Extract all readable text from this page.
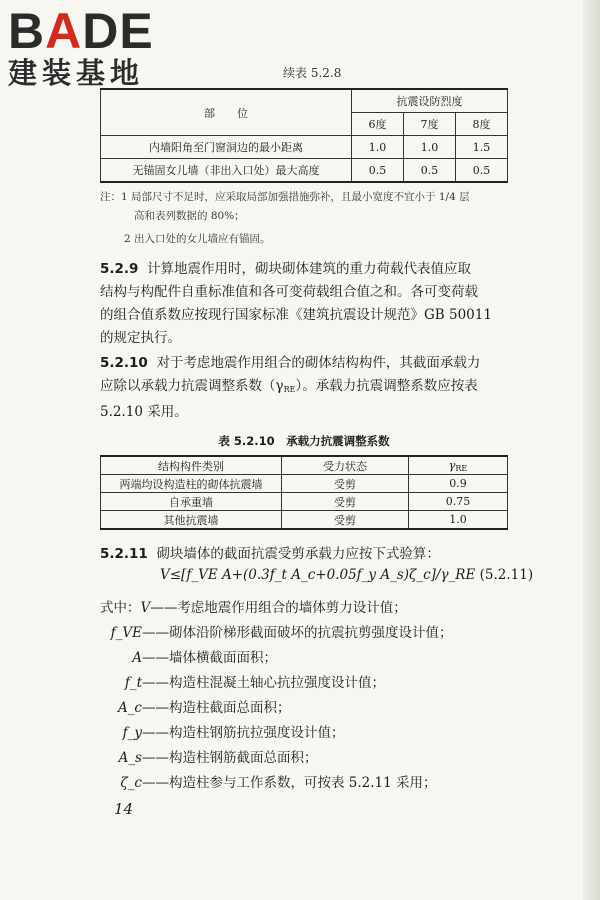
BADE
建装基地	续表 5.2.8
部　　位	抗震设防烈度		
	6度	7度	8度
内墙阳角至门窗洞边的最小距离	1.0	1.0	1.5
无锚固女儿墙（非出入口处）最大高度	0.5	0.5	0.5
注：1 局部尺寸不足时，应采取局部加强措施弥补，且最小宽度不宜小于 1/4 层
高和表列数据的 80%；
2 出入口处的女儿墙应有锚固。
5.2.9 计算地震作用时，砌块砌体建筑的重力荷载代表值应取
结构与构配件自重标准值和各可变荷载组合值之和。各可变荷载
的组合值系数应按现行国家标准《建筑抗震设计规范》GB 50011
的规定执行。
5.2.10 对于考虑地震作用组合的砌体结构构件，其截面承载力
应除以承载力抗震调整系数$(\gamma_{RE})$。承载力抗震调整系数应按表
5.2.10 采用。
表 5.2.10　承载力抗震调整系数
结构构件类别	受力状态	$\gamma_{RE}$
两端均设构造柱的砌体抗震墙	受剪	0.9
自承重墙	受剪	0.75
其他抗震墙	受剪	1.0
5.2.11 砌块墙体的截面抗震受剪承载力应按下式验算：
V≤[f_VE A+(0.3f_t A_c+0.05f_y A_s)ζ_c]/γ_RE (5.2.11)
式中：V——考虑地震作用组合的墙体剪力设计值；
f_VE——砌体沿阶梯形截面破坏的抗震抗剪强度设计值；
A——墙体横截面面积；
f_t——构造柱混凝土轴心抗拉强度设计值；
A_c——构造柱截面总面积；
f_y——构造柱钢筋抗拉强度设计值；
A_s——构造柱钢筋截面总面积；
ζ_c——构造柱参与工作系数，可按表 5.2.11 采用；
14
